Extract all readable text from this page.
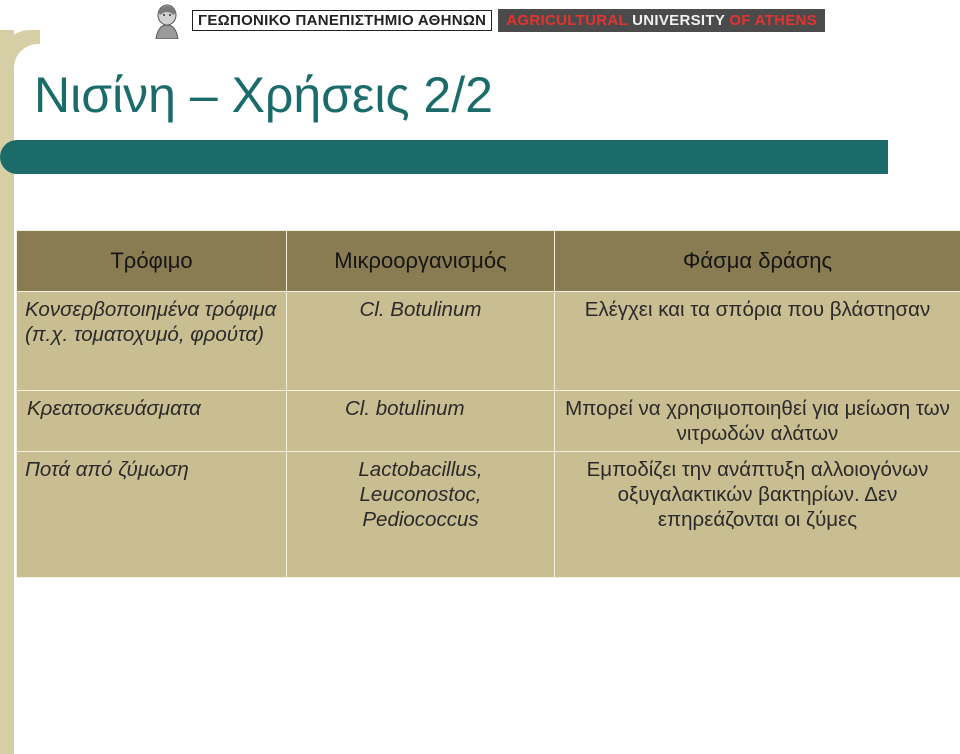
ΓΕΩΠΟΝΙΚΟ ΠΑΝΕΠΙΣΤΗΜΙΟ ΑΘΗΝΩΝ	AGRICULTURAL UNIVERSITY OF ATHENS
Νισίνη – Χρήσεις 2/2
Τρόφιμο	Μικροοργανισμός	Φάσμα δράσης
Κονσερβοποιημένα τρόφιμα (π.χ. τοματοχυμό, φρούτα)	Cl. Botulinum	Ελέγχει και τα σπόρια που βλάστησαν
Κρεατοσκευάσματα	Cl. botulinum	Μπορεί να χρησιμοποιηθεί για μείωση των νιτρωδών αλάτων
Ποτά από ζύμωση	Lactobacillus, Leuconostoc, Pediococcus	Εμποδίζει την ανάπτυξη αλλοιογόνων οξυγαλακτικών βακτηρίων. Δεν επηρεάζονται οι ζύμες
